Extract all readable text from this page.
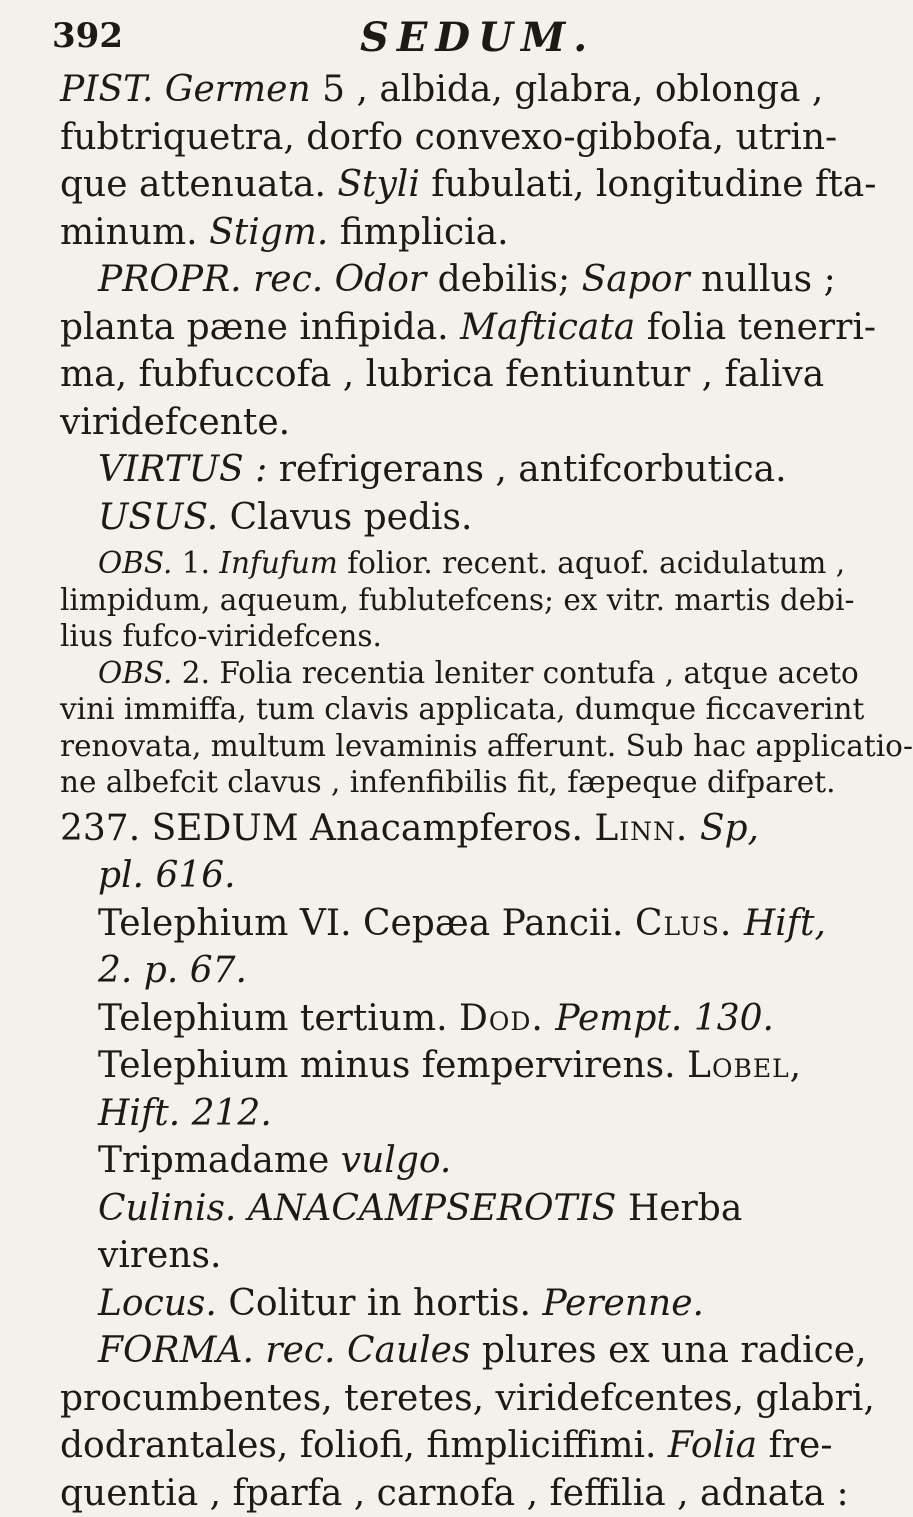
392	SEDUM.

PIST. Germen 5 , albida, glabra, oblonga ,
fubtriquetra, dorfo convexo-gibbofa, utrin-
que attenuata. Styli fubulati, longitudine fta-
minum. Stigm. fimplicia.

PROPR. rec. Odor debilis; Sapor nullus ;
planta pæne infipida. Mafticata folia tenerri-
ma, fubfuccofa , lubrica fentiuntur , faliva
viridefcente.

VIRTUS : refrigerans , antifcorbutica.

USUS. Clavus pedis.

OBS. 1. Infufum folior. recent. aquof. acidulatum ,
limpidum, aqueum, fublutefcens; ex vitr. martis debi-
lius fufco-viridefcens.

OBS. 2. Folia recentia leniter contufa , atque aceto
vini immiffa, tum clavis applicata, dumque ficcaverint
renovata, multum levaminis afferunt. Sub hac applicatio-
ne albefcit clavus , infenfibilis fit, fæpeque difparet.

237. SEDUM Anacampferos. Linn. Sp,
pl. 616.
Telephium VI. Cepæa Pancii. Clus. Hift,
2. p. 67.
Telephium tertium. Dod. Pempt. 130.
Telephium minus fempervirens. Lobel,
Hift. 212.
Tripmadame vulgo.
Culinis. ANACAMPSEROTIS Herba
virens.

Locus. Colitur in hortis. Perenne.

FORMA. rec. Caules plures ex una radice,
procumbentes, teretes, viridefcentes, glabri,
dodrantales, foliofi, fimpliciffimi. Folia fre-
quentia , fparfa , carnofa , feffilia , adnata :
